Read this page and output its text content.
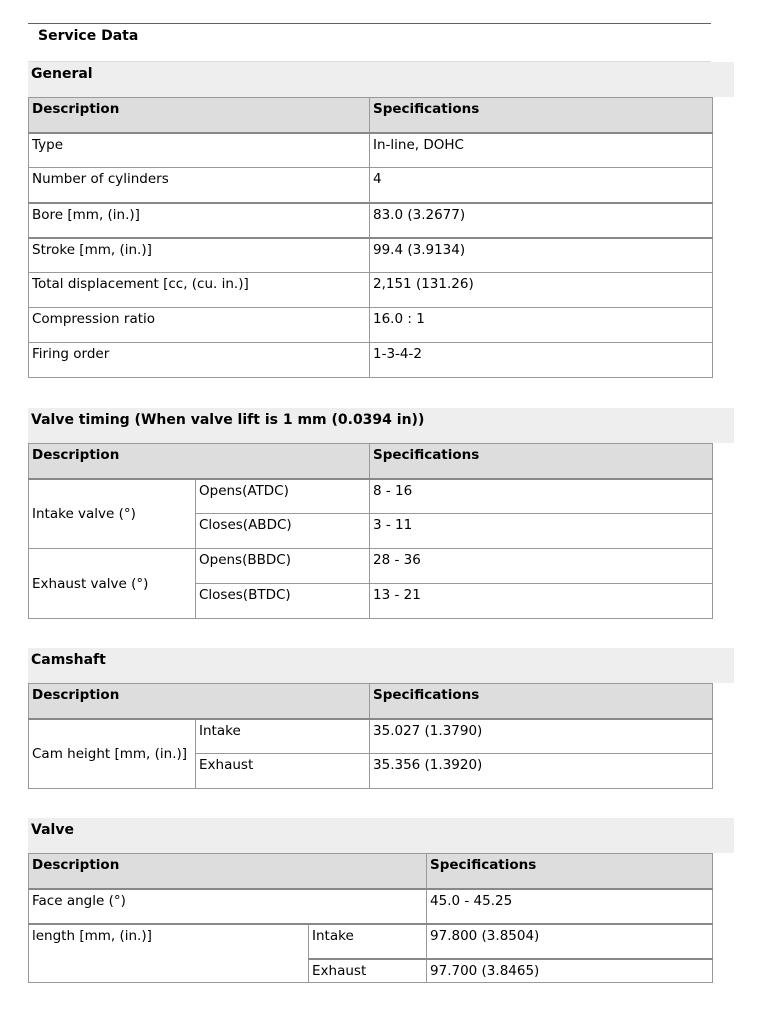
Service Data
General
Description	Specifications
Type	In-line, DOHC
Number of cylinders	4
Bore [mm, (in.)]	83.0 (3.2677)
Stroke [mm, (in.)]	99.4 (3.9134)
Total displacement [cc, (cu. in.)]	2,151 (131.26)
Compression ratio	16.0 : 1
Firing order	1-3-4-2
Valve timing (When valve lift is 1 mm (0.0394 in))
Description		Specifications
Intake valve (°)	Opens(ATDC)	8 - 16
	Closes(ABDC)	3 - 11
Exhaust valve (°)	Opens(BBDC)	28 - 36
	Closes(BTDC)	13 - 21
Camshaft
Description		Specifications
Cam height [mm, (in.)]	Intake	35.027 (1.3790)
	Exhaust	35.356 (1.3920)
Valve
Description		Specifications
Face angle (°)		45.0 - 45.25
length [mm, (in.)]	Intake	97.800 (3.8504)
	Exhaust	97.700 (3.8465)
